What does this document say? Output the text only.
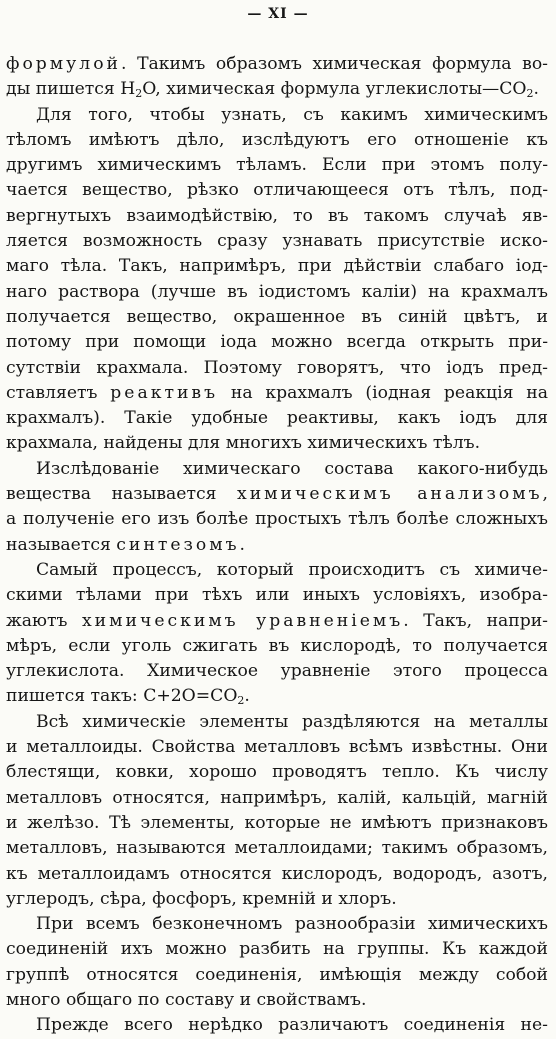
— XI —
формулой. Такимъ образомъ химическая формула во-
ды пишется $H_2O$, химическая формула $углекислоты—CO_2$.
Для того, чтобы узнать, съ какимъ химическимъ
тѣломъ имѣютъ дѣло, изслѣдуютъ его отношеніе къ
другимъ химическимъ тѣламъ. Если при этомъ полу-
чается вещество, рѣзко отличающееся отъ тѣлъ, под-
вергнутыхъ взаимодѣйствію, то въ такомъ случаѣ яв-
ляется возможность сразу узнавать присутствіе иско-
маго тѣла. Такъ, напримѣръ, при дѣйствіи слабаго іод-
наго раствора (лучше въ іодистомъ каліи) на крахмалъ
получается вещество, окрашенное въ синій цвѣтъ, и
потому при помощи іода можно всегда открыть при-
сутствіи крахмала. Поэтому говорятъ, что іодъ пред-
ставляетъ реактивъ на крахмалъ (іодная реакція на
крахмалъ). Такіе удобные реактивы, какъ іодъ для
крахмала, найдены для многихъ химическихъ тѣлъ.
Изслѣдованіе химическаго состава какого-нибудь
вещества называется химическимъ анализомъ,
а полученіе его изъ болѣе простыхъ тѣлъ болѣе сложныхъ
называется синтезомъ.
Самый процессъ, который происходитъ съ химиче-
скими тѣлами при тѣхъ или иныхъ условіяхъ, изобра-
жаютъ химическимъ уравненіемъ. Такъ, напри-
мѣръ, если уголь сжигать въ кислородѣ, то получается
углекислота. Химическое уравненіе этого процесса
пишется такъ: $C+2O=CO_2$.
Всѣ химическіе элементы раздѣляются на металлы
и металлоиды. Свойства металловъ всѣмъ извѣстны. Они
блестящи, ковки, хорошо проводятъ тепло. Къ числу
металловъ относятся, напримѣръ, калій, кальцій, магній
и желѣзо. Тѣ элементы, которые не имѣютъ признаковъ
металловъ, называются металлоидами; такимъ образомъ,
къ металлоидамъ относятся кислородъ, водородъ, азотъ,
углеродъ, сѣра, фосфоръ, кремній и хлоръ.
При всемъ безконечномъ разнообразіи химическихъ
соединеній ихъ можно разбить на группы. Къ каждой
группѣ относятся соединенія, имѣющія между собой
много общаго по составу и свойствамъ.
Прежде всего нерѣдко различаютъ соединенія не-
